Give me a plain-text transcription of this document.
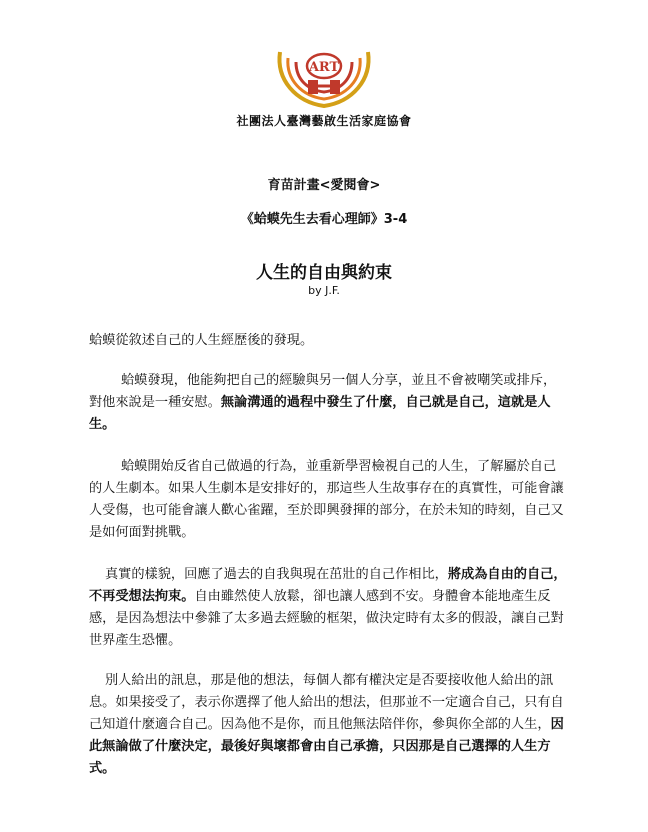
ART
社團法人臺灣藝啟生活家庭協會
育苗計畫<愛閱會>
《蛤蟆先生去看心理師》3-4
人生的自由與約束
by J.F.

蛤蟆從敘述自己的人生經歷後的發現。

蛤蟆發現，他能夠把自己的經驗與另一個人分享，並且不會被嘲笑或排斥，對他來說是一種安慰。無論溝通的過程中發生了什麼，自己就是自己，這就是人生。

蛤蟆開始反省自己做過的行為，並重新學習檢視自己的人生，了解屬於自己的人生劇本。如果人生劇本是安排好的，那這些人生故事存在的真實性，可能會讓人受傷，也可能會讓人歡心雀躍，至於即興發揮的部分，在於未知的時刻，自己又是如何面對挑戰。

真實的樣貌，回應了過去的自我與現在茁壯的自己作相比，將成為自由的自己，不再受想法拘束。自由雖然使人放鬆，卻也讓人感到不安。身體會本能地產生反感，是因為想法中參雜了太多過去經驗的框架，做決定時有太多的假設，讓自己對世界產生恐懼。

別人給出的訊息，那是他的想法，每個人都有權決定是否要接收他人給出的訊息。如果接受了，表示你選擇了他人給出的想法，但那並不一定適合自己，只有自己知道什麼適合自己。因為他不是你，而且他無法陪伴你，參與你全部的人生，因此無論做了什麼決定，最後好與壞都會由自己承擔，只因那是自己選擇的人生方式。
